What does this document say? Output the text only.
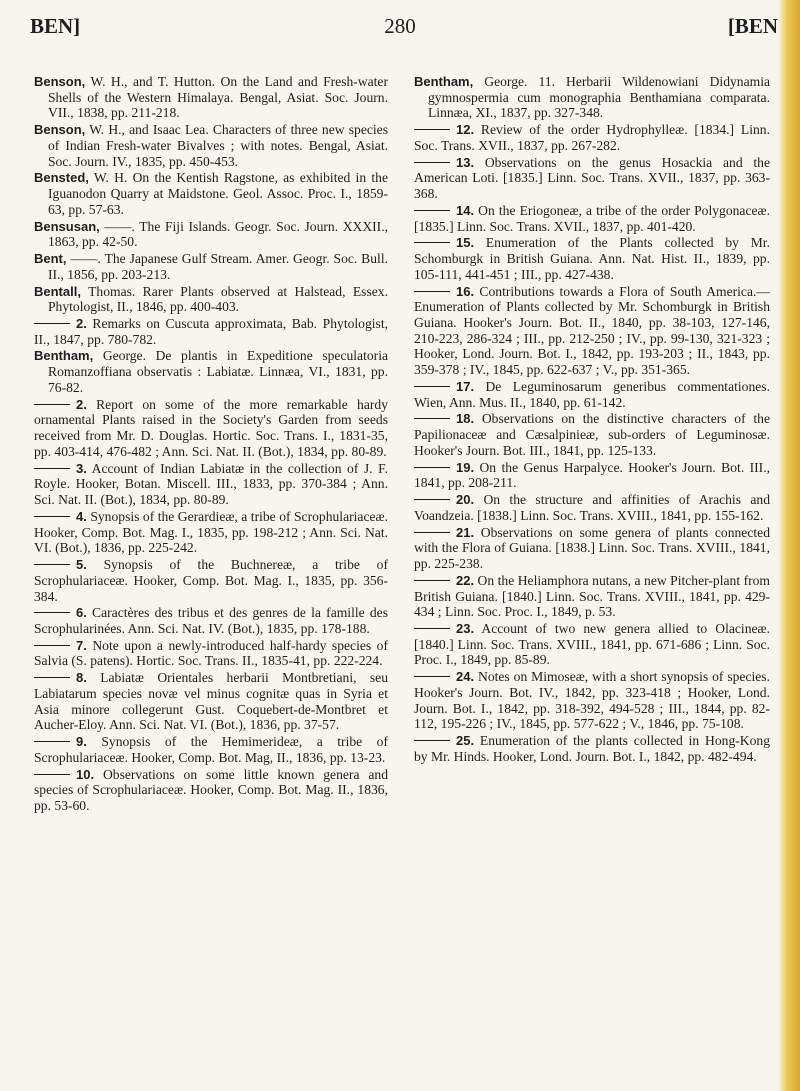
BEN]	280	[BEN

Benson, W. H., and T. Hutton. On the Land and Fresh-water Shells of the Western Himalaya. Bengal, Asiat. Soc. Journ. VII., 1838, pp. 211-218.

Benson, W. H., and Isaac Lea. Characters of three new species of Indian Fresh-water Bivalves ; with notes. Bengal, Asiat. Soc. Journ. IV., 1835, pp. 450-453.

Bensted, W. H. On the Kentish Ragstone, as exhibited in the Iguanodon Quarry at Maidstone. Geol. Assoc. Proc. I., 1859-63, pp. 57-63.

Bensusan, ——. The Fiji Islands. Geogr. Soc. Journ. XXXII., 1863, pp. 42-50.

Bent, ——. The Japanese Gulf Stream. Amer. Geogr. Soc. Bull. II., 1856, pp. 203-213.

Bentall, Thomas. Rarer Plants observed at Halstead, Essex. Phytologist, II., 1846, pp. 400-403.

2. Remarks on Cuscuta approximata, Bab. Phytologist, II., 1847, pp. 780-782.

Bentham, George. De plantis in Expeditione speculatoria Romanzoffiana observatis : Labiatæ. Linnæa, VI., 1831, pp. 76-82.

2. Report on some of the more remarkable hardy ornamental Plants raised in the Society's Garden from seeds received from Mr. D. Douglas. Hortic. Soc. Trans. I., 1831-35, pp. 403-414, 476-482 ; Ann. Sci. Nat. II. (Bot.), 1834, pp. 80-89.

3. Account of Indian Labiatæ in the collection of J. F. Royle. Hooker, Botan. Miscell. III., 1833, pp. 370-384 ; Ann. Sci. Nat. II. (Bot.), 1834, pp. 80-89.

4. Synopsis of the Gerardieæ, a tribe of Scrophulariaceæ. Hooker, Comp. Bot. Mag. I., 1835, pp. 198-212 ; Ann. Sci. Nat. VI. (Bot.), 1836, pp. 225-242.

5. Synopsis of the Buchnereæ, a tribe of Scrophulariaceæ. Hooker, Comp. Bot. Mag. I., 1835, pp. 356-384.

6. Caractères des tribus et des genres de la famille des Scrophularinées. Ann. Sci. Nat. IV. (Bot.), 1835, pp. 178-188.

7. Note upon a newly-introduced half-hardy species of Salvia (S. patens). Hortic. Soc. Trans. II., 1835-41, pp. 222-224.

8. Labiatæ Orientales herbarii Montbretiani, seu Labiatarum species novæ vel minus cognitæ quas in Syria et Asia minore collegerunt Gust. Coquebert-de-Montbret et Aucher-Eloy. Ann. Sci. Nat. VI. (Bot.), 1836, pp. 37-57.

9. Synopsis of the Hemimerideæ, a tribe of Scrophulariaceæ. Hooker, Comp. Bot. Mag, II., 1836, pp. 13-23.

10. Observations on some little known genera and species of Scrophulariaceæ. Hooker, Comp. Bot. Mag. II., 1836, pp. 53-60.

Bentham, George. 11. Herbarii Wildenowiani Didynamia gymnospermia cum monographia Benthamiana comparata. Linnæa, XI., 1837, pp. 327-348.

12. Review of the order Hydrophylleæ. [1834.] Linn. Soc. Trans. XVII., 1837, pp. 267-282.

13. Observations on the genus Hosackia and the American Loti. [1835.] Linn. Soc. Trans. XVII., 1837, pp. 363-368.

14. On the Eriogoneæ, a tribe of the order Polygonaceæ. [1835.] Linn. Soc. Trans. XVII., 1837, pp. 401-420.

15. Enumeration of the Plants collected by Mr. Schomburgk in British Guiana. Ann. Nat. Hist. II., 1839, pp. 105-111, 441-451 ; III., pp. 427-438.

16. Contributions towards a Flora of South America.—Enumeration of Plants collected by Mr. Schomburgk in British Guiana. Hooker's Journ. Bot. II., 1840, pp. 38-103, 127-146, 210-223, 286-324 ; III., pp. 212-250 ; IV., pp. 99-130, 321-323 ; Hooker, Lond. Journ. Bot. I., 1842, pp. 193-203 ; II., 1843, pp. 359-378 ; IV., 1845, pp. 622-637 ; V., pp. 351-365.

17. De Leguminosarum generibus commentationes. Wien, Ann. Mus. II., 1840, pp. 61-142.

18. Observations on the distinctive characters of the Papilionaceæ and Cæsalpinieæ, sub-orders of Leguminosæ. Hooker's Journ. Bot. III., 1841, pp. 125-133.

19. On the Genus Harpalyce. Hooker's Journ. Bot. III., 1841, pp. 208-211.

20. On the structure and affinities of Arachis and Voandzeia. [1838.] Linn. Soc. Trans. XVIII., 1841, pp. 155-162.

21. Observations on some genera of plants connected with the Flora of Guiana. [1838.] Linn. Soc. Trans. XVIII., 1841, pp. 225-238.

22. On the Heliamphora nutans, a new Pitcher-plant from British Guiana. [1840.] Linn. Soc. Trans. XVIII., 1841, pp. 429-434 ; Linn. Soc. Proc. I., 1849, p. 53.

23. Account of two new genera allied to Olacineæ. [1840.] Linn. Soc. Trans. XVIII., 1841, pp. 671-686 ; Linn. Soc. Proc. I., 1849, pp. 85-89.

24. Notes on Mimoseæ, with a short synopsis of species. Hooker's Journ. Bot. IV., 1842, pp. 323-418 ; Hooker, Lond. Journ. Bot. I., 1842, pp. 318-392, 494-528 ; III., 1844, pp. 82-112, 195-226 ; IV., 1845, pp. 577-622 ; V., 1846, pp. 75-108.

25. Enumeration of the plants collected in Hong-Kong by Mr. Hinds. Hooker, Lond. Journ. Bot. I., 1842, pp. 482-494.
